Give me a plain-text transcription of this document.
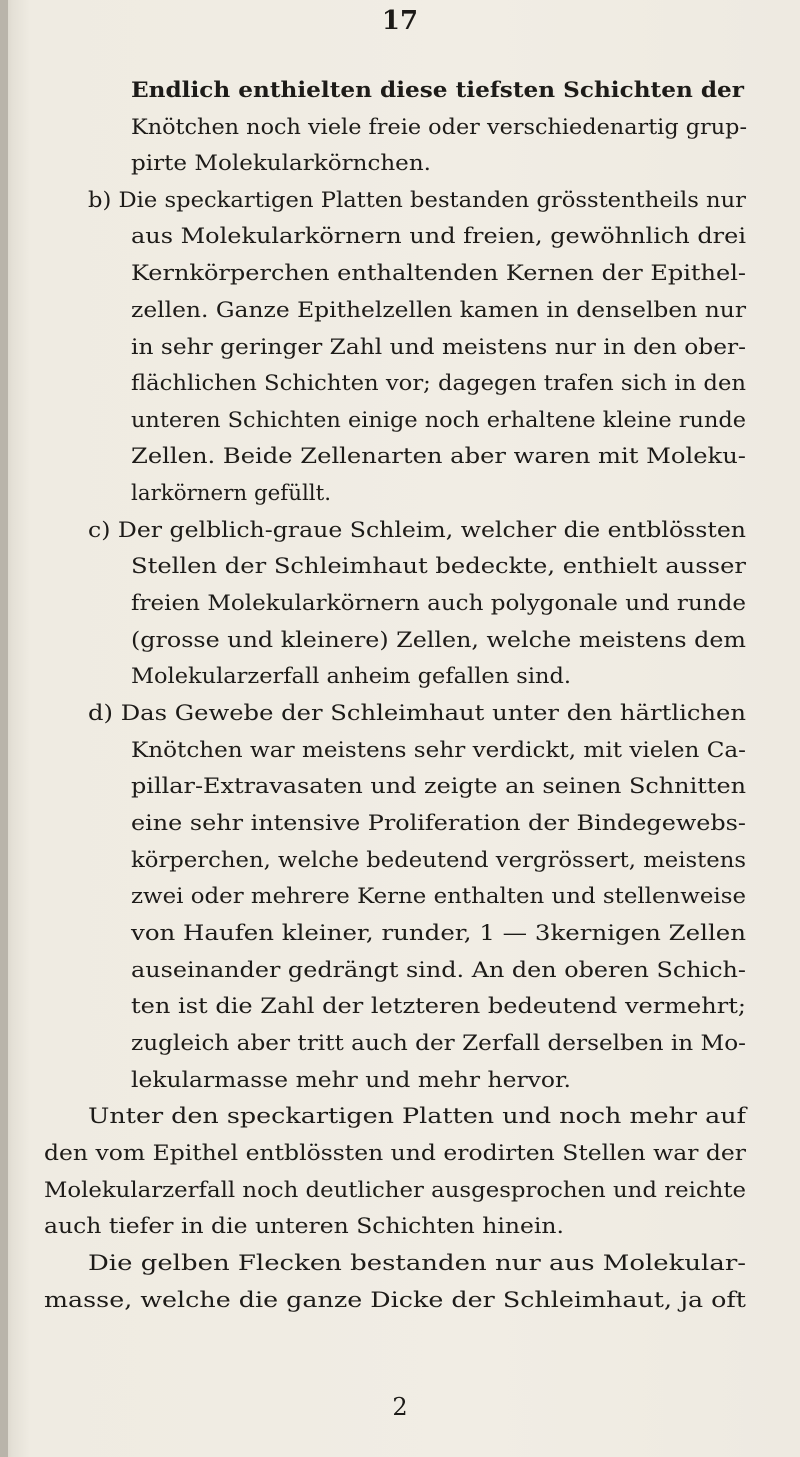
17
Endlich enthielten diese tiefsten Schichten der
Knötchen noch viele freie oder verschiedenartig grup-
pirte Molekularkörnchen.
b) Die speckartigen Platten bestanden grösstentheils nur
aus Molekularkörnern und freien, gewöhnlich drei
Kernkörperchen enthaltenden Kernen der Epithel-
zellen. Ganze Epithelzellen kamen in denselben nur
in sehr geringer Zahl und meistens nur in den ober-
flächlichen Schichten vor; dagegen trafen sich in den
unteren Schichten einige noch erhaltene kleine runde
Zellen. Beide Zellenarten aber waren mit Moleku-
larkörnern gefüllt.
c) Der gelblich-graue Schleim, welcher die entblössten
Stellen der Schleimhaut bedeckte, enthielt ausser
freien Molekularkörnern auch polygonale und runde
(grosse und kleinere) Zellen, welche meistens dem
Molekularzerfall anheim gefallen sind.
d) Das Gewebe der Schleimhaut unter den härtlichen
Knötchen war meistens sehr verdickt, mit vielen Ca-
pillar-Extravasaten und zeigte an seinen Schnitten
eine sehr intensive Proliferation der Bindegewebs-
körperchen, welche bedeutend vergrössert, meistens
zwei oder mehrere Kerne enthalten und stellenweise
von Haufen kleiner, runder, 1 — 3kernigen Zellen
auseinander gedrängt sind. An den oberen Schich-
ten ist die Zahl der letzteren bedeutend vermehrt;
zugleich aber tritt auch der Zerfall derselben in Mo-
lekularmasse mehr und mehr hervor.
Unter den speckartigen Platten und noch mehr auf
den vom Epithel entblössten und erodirten Stellen war der
Molekularzerfall noch deutlicher ausgesprochen und reichte
auch tiefer in die unteren Schichten hinein.
Die gelben Flecken bestanden nur aus Molekular-
masse, welche die ganze Dicke der Schleimhaut, ja oft
2
